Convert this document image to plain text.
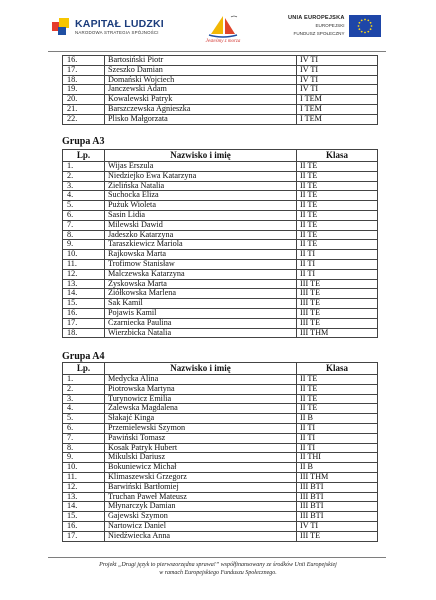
KAPITAŁ LUDZKI
NARODOWA STRATEGIA SPÓJNOŚCI
Jesteśmy z morza
UNIA EUROPEJSKA
EUROPEJSKI
FUNDUSZ SPOŁECZNY
16.	Bartosiński Piotr	IV TI
17.	Szeszko Damian	IV TI
18.	Domański Wojciech	IV TI
19.	Janczewski Adam	IV TI
20.	Kowalewski Patryk	I TEM
21.	Barszczewska Agnieszka	I TEM
22.	Plisko Małgorzata	I TEM
Grupa A3
Lp.	Nazwisko i imię	Klasa
1.	Wijas Erszula	II TE
2.	Niedziejko Ewa Katarzyna	II TE
3.	Zielińska Natalia	II TE
4.	Suchocka Eliza	II TE
5.	Pużuk Wioleta	II TE
6.	Sasin Lidia	II TE
7.	Milewski Dawid	II TE
8.	Jadeszko Katarzyna	II TE
9.	Taraszkiewicz Mariola	II TE
10.	Rajkowska Marta	II TI
11.	Trofimow Stanisław	II TI
12.	Malczewska Katarzyna	II TI
13.	Zyskowska Marta	III TE
14.	Ziółkowska Marlena	III TE
15.	Sak Kamil	III TE
16.	Pojawis Kamil	III TE
17.	Czarniecka Paulina	III TE
18.	Wierzbicka Natalia	III THM
Grupa A4
Lp.	Nazwisko i imię	Klasa
1.	Medycka Alina	II TE
2.	Piotrowska Martyna	II TE
3.	Turynowicz Emilia	II TE
4.	Zalewska Magdalena	II TE
5.	Słakajć Kinga	II B
6.	Przemielewski Szymon	II TI
7.	Pawiński Tomasz	II TI
8.	Kosak Patryk Hubert	II TI
9.	Mikulski Dariusz	II THI
10.	Bokuniewicz Michał	II B
11.	Klimaszewski Grzegorz	III THM
12.	Barwiński Bartłomiej	III BTI
13.	Truchan Paweł Mateusz	III BTI
14.	Młynarczyk Damian	III BTI
15.	Gajewski Szymon	III BTI
16.	Nartowicz Daniel	IV TI
17.	Niedźwiecka Anna	III TE
Projekt „Drugi język to pierwszorzędna sprawa!” współfinansowany ze środków Unii Europejskiej
w ramach Europejskiego Funduszu Społecznego.
